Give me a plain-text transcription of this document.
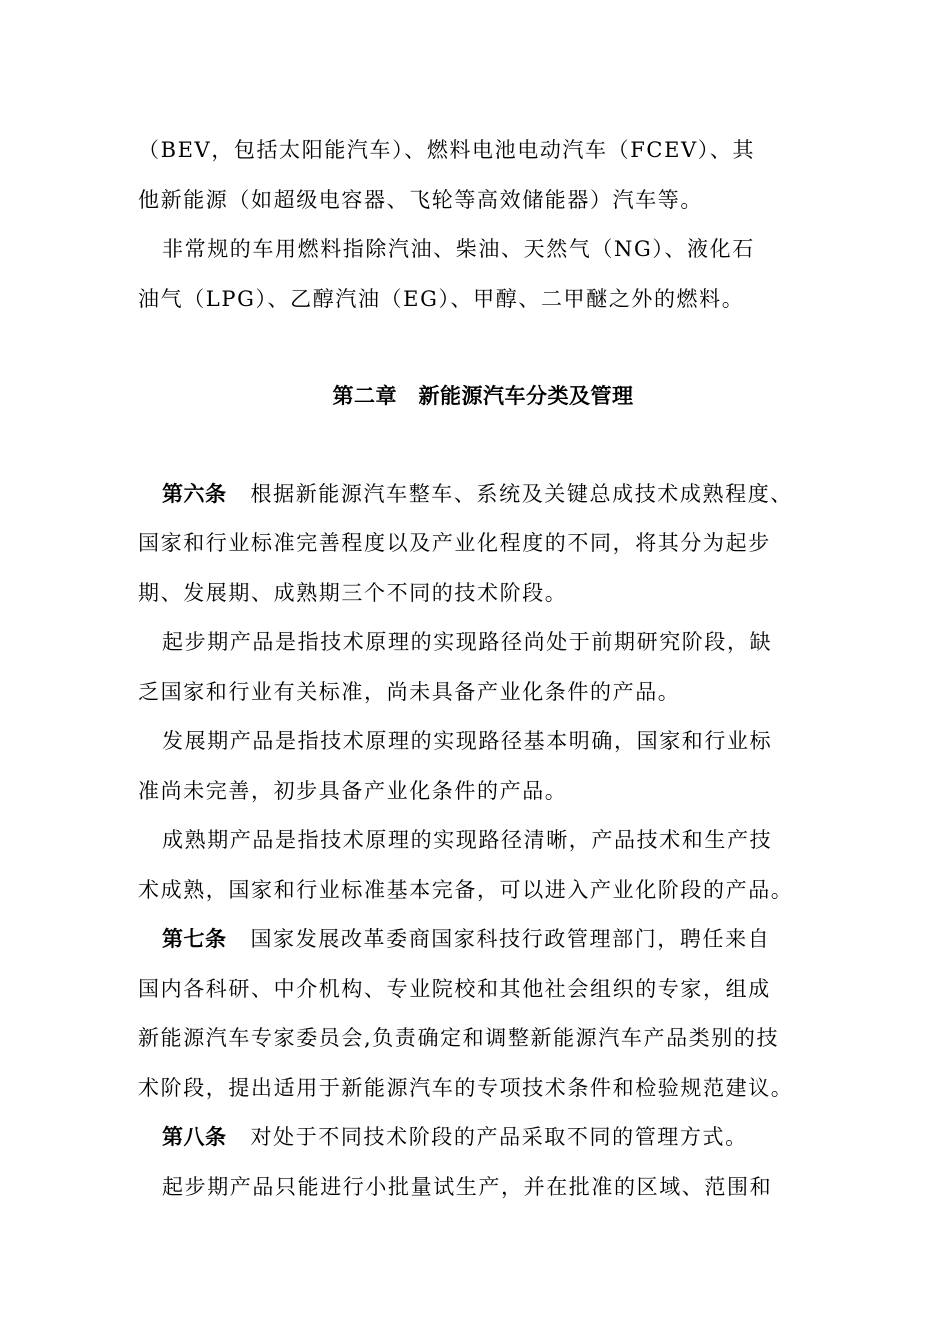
（BEV，包括太阳能汽车）、燃料电池电动汽车（FCEV）、其
他新能源（如超级电容器、飞轮等高效储能器）汽车等。
非常规的车用燃料指除汽油、柴油、天然气（NG）、液化石
油气（LPG）、乙醇汽油（EG）、甲醇、二甲醚之外的燃料。
第二章　新能源汽车分类及管理
第六条 根据新能源汽车整车、系统及关键总成技术成熟程度、
国家和行业标准完善程度以及产业化程度的不同，将其分为起步
期、发展期、成熟期三个不同的技术阶段。
起步期产品是指技术原理的实现路径尚处于前期研究阶段，缺
乏国家和行业有关标准，尚未具备产业化条件的产品。
发展期产品是指技术原理的实现路径基本明确，国家和行业标
准尚未完善，初步具备产业化条件的产品。
成熟期产品是指技术原理的实现路径清晰，产品技术和生产技
术成熟，国家和行业标准基本完备，可以进入产业化阶段的产品。
第七条 国家发展改革委商国家科技行政管理部门，聘任来自
国内各科研、中介机构、专业院校和其他社会组织的专家，组成
新能源汽车专家委员会,负责确定和调整新能源汽车产品类别的技
术阶段，提出适用于新能源汽车的专项技术条件和检验规范建议。
第八条 对处于不同技术阶段的产品采取不同的管理方式。
起步期产品只能进行小批量试生产，并在批准的区域、范围和
